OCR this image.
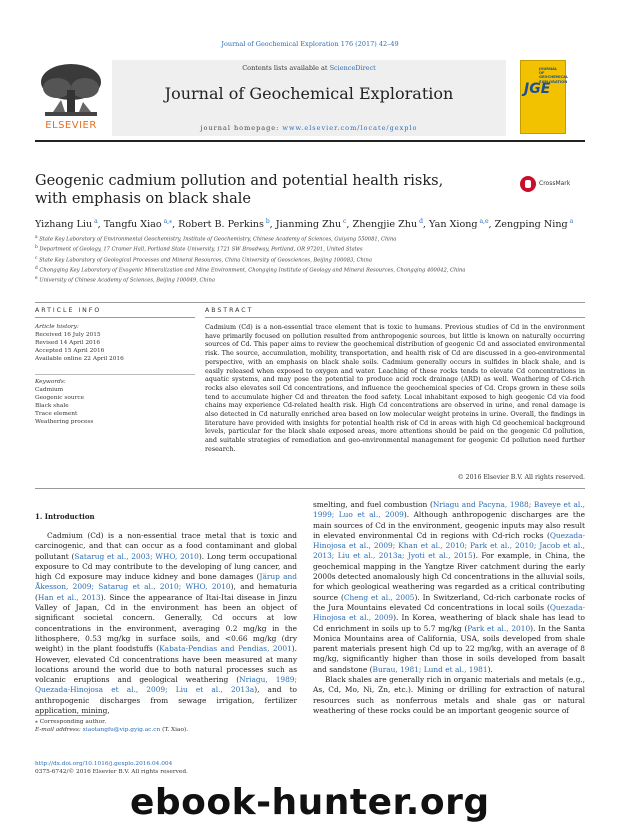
Journal of Geochemical Exploration 176 (2017) 42–49
ELSEVIER
Contents lists available at ScienceDirect
Journal of Geochemical Exploration
journal homepage: www.elsevier.com/locate/gexplo
JOURNAL OF GEOCHEMICAL EXPLORATION
JGE
Geogenic cadmium pollution and potential health risks, with emphasis on black shale
CrossMark
Yizhang Liu $^a$, Tangfu Xiao $^{a,⁎}$, Robert B. Perkins $^b$, Jianming Zhu $^c$, Zhengjie Zhu $^d$, Yan Xiong $^{a,e}$, Zengping Ning $^a$
$^a$ State Key Laboratory of Environmental Geochemistry, Institute of Geochemistry, Chinese Academy of Sciences, Guiyang 550081, China
$^b$ Department of Geology, 17 Cramer Hall, Portland State University, 1721 SW Broadway, Portland, OR 97201, United States
$^c$ State Key Laboratory of Geological Processes and Mineral Resources, China University of Geosciences, Beijing 100083, China
$^d$ Chongqing Key Laboratory of Exogenic Mineralization and Mine Environment, Chongqing Institute of Geology and Mineral Resources, Chongqing 400042, China
$^e$ University of Chinese Academy of Sciences, Beijing 100049, China
ARTICLE INFO	ABSTRACT
Article history:
Received 16 July 2015
Revised 14 April 2016
Accepted 15 April 2016
Available online 22 April 2016
Keywords:
Cadmium
Geogenic source
Black shale
Trace element
Weathering process
Cadmium (Cd) is a non-essential trace element that is toxic to humans. Previous studies of Cd in the environment have primarily focused on pollution resulted from anthropogenic sources, but little is known on naturally occurring sources of Cd. This paper aims to review the geochemical distribution of geogenic Cd and associated environmental risk. The source, accumulation, mobility, transportation, and health risk of Cd are discussed in a geo-environmental perspective, with an emphasis on black shale soils. Cadmium generally occurs in sulfides in black shale, and is easily released when exposed to oxygen and water. Leaching of these rocks tends to elevate Cd concentrations in aquatic systems, and may pose the potential to produce acid rock drainage (ARD) as well. Weathering of Cd-rich rocks also elevates soil Cd concentrations, and influence the geochemical species of Cd. Crops grown in these soils tend to accumulate higher Cd and threaten the food safety. Local inhabitant exposed to high geogenic Cd via food chains may experience Cd-related health risk. High Cd concentrations are observed in urine, and renal damage is also detected in Cd naturally enriched area based on low molecular weight proteins in urine. Overall, the findings in literature have provided with insights for potential health risk of Cd in areas with high Cd geochemical background levels, particular for the black shale exposed areas, more attentions should be paid on the geogenic Cd pollution, and suitable strategies of remediation and geo-environmental management for geogenic Cd pollution need further research.
© 2016 Elsevier B.V. All rights reserved.
1. Introduction

Cadmium (Cd) is a non-essential trace metal that is toxic and carcinogenic, and that can occur as a food contaminant and global pollutant (Satarug et al., 2003; WHO, 2010). Long term occupational exposure to Cd may contribute to the developing of lung cancer, and high Cd exposure may induce kidney and bone damages (Järup and Åkesson, 2009; Satarug et al., 2010; WHO, 2010), and hematuria (Han et al., 2013). Since the appearance of Itai-Itai disease in Jinzu Valley of Japan, Cd in the environment has been an object of significant societal concern. Generally, Cd occurs at low concentrations in the environment, averaging 0.2 mg/kg in the lithosphere, 0.53 mg/kg in surface soils, and <0.66 mg/kg (dry weight) in the plant foodstuffs (Kabata-Pendias and Pendias, 2001). However, elevated Cd concentrations have been measured at many locations around the world due to both natural processes such as volcanic eruptions and geological weathering (Nriagu, 1989; Quezada-Hinojosa et al., 2009; Liu et al., 2013a), and to anthropogenic discharges from sewage irrigation, fertilizer application, mining,

smelting, and fuel combustion (Nriagu and Pacyna, 1988; Baveye et al., 1999; Luo et al., 2009). Although anthropogenic discharges are the main sources of Cd in the environment, geogenic inputs may also result in elevated environmental Cd in regions with Cd-rich rocks (Quezada-Hinojosa et al., 2009; Khan et al., 2010; Park et al., 2010; Jacob et al., 2013; Liu et al., 2013a; Jyoti et al., 2015). For example, in China, the geochemical mapping in the Yangtze River catchment during the early 2000s detected anomalously high Cd concentrations in the alluvial soils, for which geological weathering was regarded as a critical contributing source (Cheng et al., 2005). In Switzerland, Cd-rich carbonate rocks of the Jura Mountains elevated Cd concentrations in local soils (Quezada-Hinojosa et al., 2009). In Korea, weathering of black shale has lead to Cd enrichment in soils up to 5.7 mg/kg (Park et al., 2010). In the Santa Monica Mountains area of California, USA, soils developed from shale parent materials present high Cd up to 22 mg/kg, with an average of 8 mg/kg, significantly higher than those in soils developed from basalt and sandstone (Burau, 1981; Lund et al., 1981).

Black shales are generally rich in organic materials and metals (e.g., As, Cd, Mo, Ni, Zn, etc.). Mining or drilling for extraction of natural resources such as nonferrous metals and shale gas or natural weathering of these rocks could be an important geogenic source of

⁎ Corresponding author.
E-mail address: xiaotangfu@vip.gyig.ac.cn (T. Xiao).
http://dx.doi.org/10.1016/j.gexplo.2016.04.004
0375-6742/© 2016 Elsevier B.V. All rights reserved.
ebook-hunter.org
